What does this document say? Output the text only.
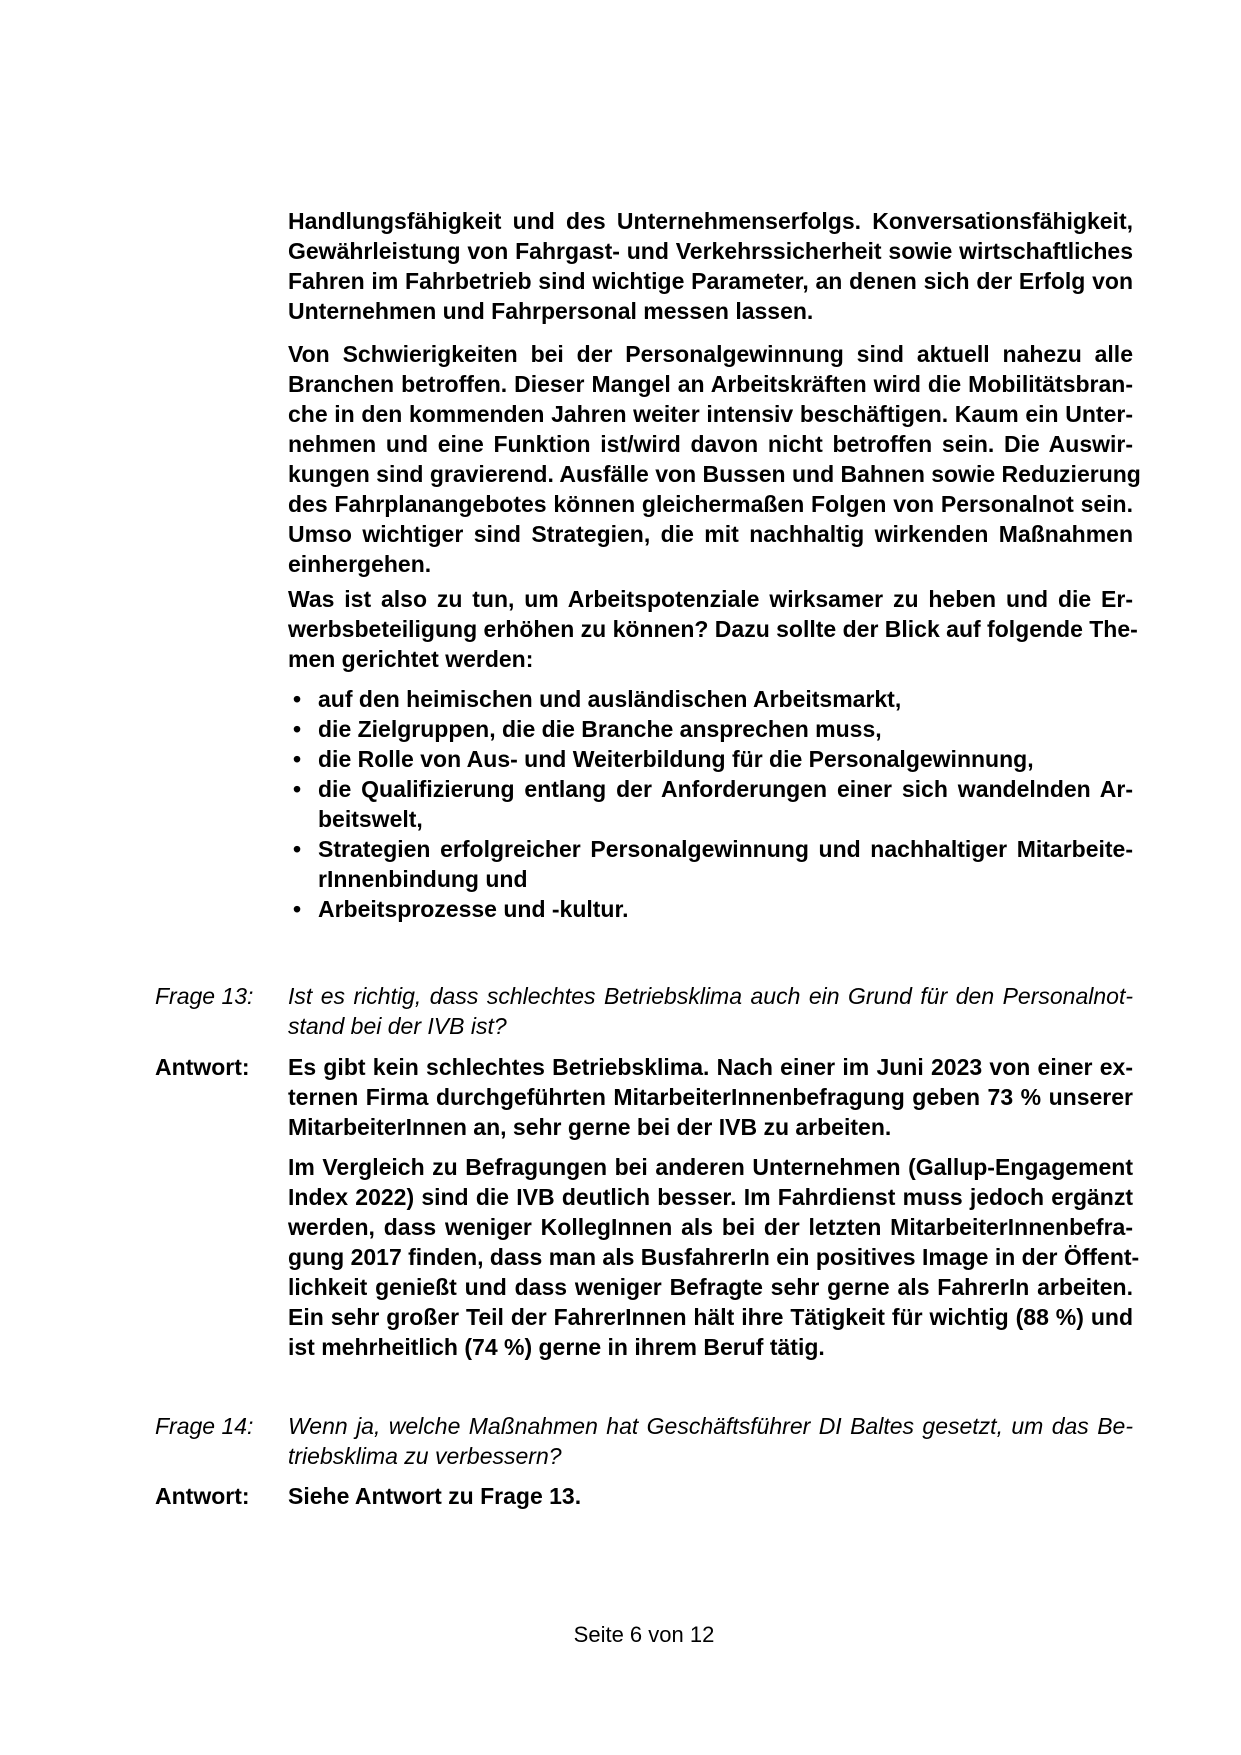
Handlungsfähigkeit und des Unternehmenserfolgs. Konversationsfähigkeit,
Gewährleistung von Fahrgast- und Verkehrssicherheit sowie wirtschaftliches
Fahren im Fahrbetrieb sind wichtige Parameter, an denen sich der Erfolg von
Unternehmen und Fahrpersonal messen lassen.
Von Schwierigkeiten bei der Personalgewinnung sind aktuell nahezu alle
Branchen betroffen. Dieser Mangel an Arbeitskräften wird die Mobilitätsbran-
che in den kommenden Jahren weiter intensiv beschäftigen. Kaum ein Unter-
nehmen und eine Funktion ist/wird davon nicht betroffen sein. Die Auswir-
kungen sind gravierend. Ausfälle von Bussen und Bahnen sowie Reduzierung
des Fahrplanangebotes können gleichermaßen Folgen von Personalnot sein.
Umso wichtiger sind Strategien, die mit nachhaltig wirkenden Maßnahmen
einhergehen.
Was ist also zu tun, um Arbeitspotenziale wirksamer zu heben und die Er-
werbsbeteiligung erhöhen zu können? Dazu sollte der Blick auf folgende The-
men gerichtet werden:
• auf den heimischen und ausländischen Arbeitsmarkt,
• die Zielgruppen, die die Branche ansprechen muss,
• die Rolle von Aus- und Weiterbildung für die Personalgewinnung,
• die Qualifizierung entlang der Anforderungen einer sich wandelnden Ar-
beitswelt,
• Strategien erfolgreicher Personalgewinnung und nachhaltiger Mitarbeite-
rInnenbindung und
• Arbeitsprozesse und -kultur.
Frage 13: Ist es richtig, dass schlechtes Betriebsklima auch ein Grund für den Personalnot-
stand bei der IVB ist?
Antwort: Es gibt kein schlechtes Betriebsklima. Nach einer im Juni 2023 von einer ex-
ternen Firma durchgeführten MitarbeiterInnenbefragung geben 73 % unserer
MitarbeiterInnen an, sehr gerne bei der IVB zu arbeiten.
Im Vergleich zu Befragungen bei anderen Unternehmen (Gallup-Engagement
Index 2022) sind die IVB deutlich besser. Im Fahrdienst muss jedoch ergänzt
werden, dass weniger KollegInnen als bei der letzten MitarbeiterInnenbefra-
gung 2017 finden, dass man als BusfahrerIn ein positives Image in der Öffent-
lichkeit genießt und dass weniger Befragte sehr gerne als FahrerIn arbeiten.
Ein sehr großer Teil der FahrerInnen hält ihre Tätigkeit für wichtig (88 %) und
ist mehrheitlich (74 %) gerne in ihrem Beruf tätig.
Frage 14: Wenn ja, welche Maßnahmen hat Geschäftsführer DI Baltes gesetzt, um das Be-
triebsklima zu verbessern?
Antwort: Siehe Antwort zu Frage 13.
Seite 6 von 12
